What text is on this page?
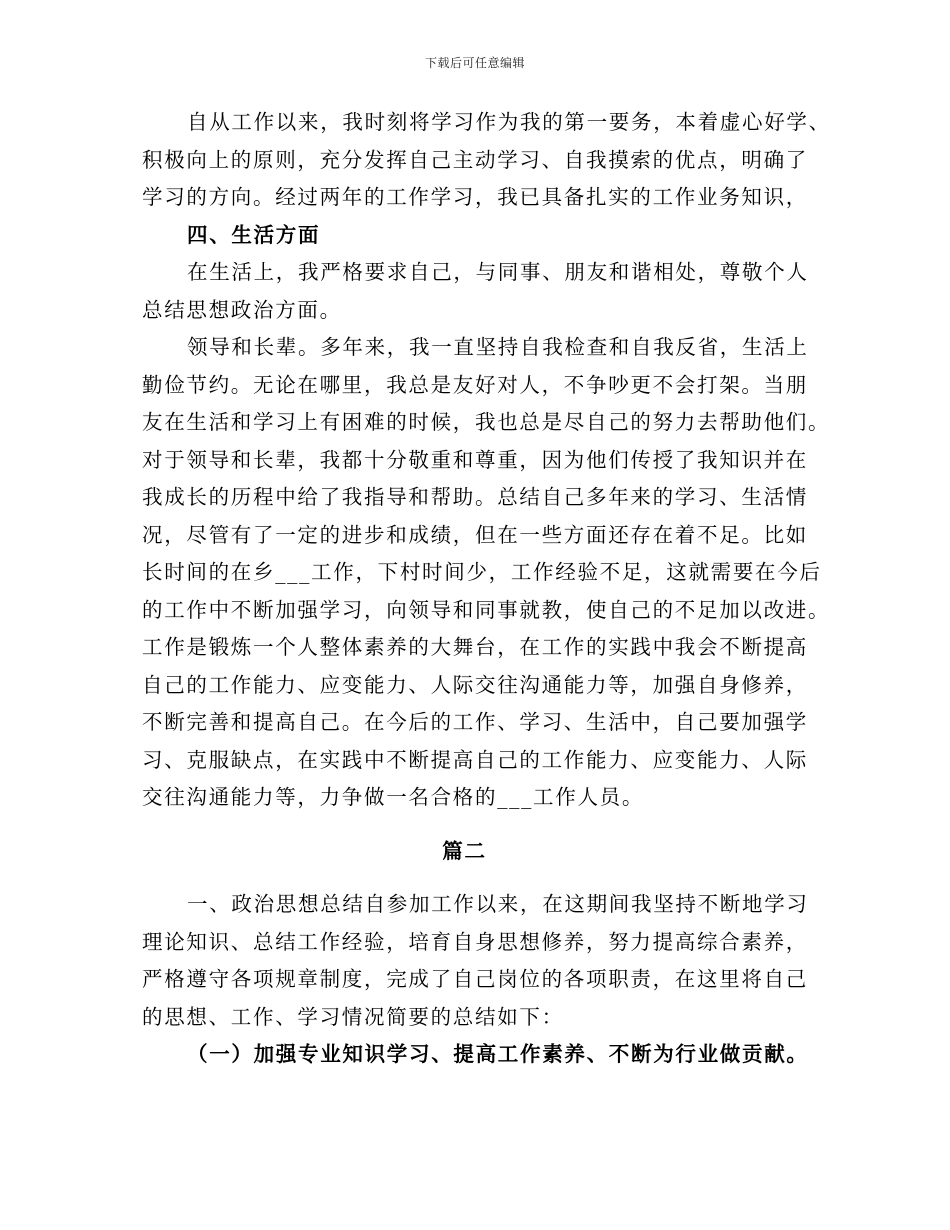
下载后可任意编辑
自从工作以来，我时刻将学习作为我的第一要务，本着虚心好学、
积极向上的原则，充分发挥自己主动学习、自我摸索的优点，明确了
学习的方向。经过两年的工作学习，我已具备扎实的工作业务知识，
四、生活方面
在生活上，我严格要求自己，与同事、朋友和谐相处，尊敬个人
总结思想政治方面。
领导和长辈。多年来，我一直坚持自我检查和自我反省，生活上
勤俭节约。无论在哪里，我总是友好对人，不争吵更不会打架。当朋
友在生活和学习上有困难的时候，我也总是尽自己的努力去帮助他们。
对于领导和长辈，我都十分敬重和尊重，因为他们传授了我知识并在
我成长的历程中给了我指导和帮助。总结自己多年来的学习、生活情
况，尽管有了一定的进步和成绩，但在一些方面还存在着不足。比如
长时间的在乡___工作，下村时间少，工作经验不足，这就需要在今后
的工作中不断加强学习，向领导和同事就教，使自己的不足加以改进。
工作是锻炼一个人整体素养的大舞台，在工作的实践中我会不断提高
自己的工作能力、应变能力、人际交往沟通能力等，加强自身修养，
不断完善和提高自己。在今后的工作、学习、生活中，自己要加强学
习、克服缺点，在实践中不断提高自己的工作能力、应变能力、人际
交往沟通能力等，力争做一名合格的___工作人员。
篇二
一、政治思想总结自参加工作以来，在这期间我坚持不断地学习
理论知识、总结工作经验，培育自身思想修养，努力提高综合素养，
严格遵守各项规章制度，完成了自己岗位的各项职责，在这里将自己
的思想、工作、学习情况简要的总结如下：
（一）加强专业知识学习、提高工作素养、不断为行业做贡献。
